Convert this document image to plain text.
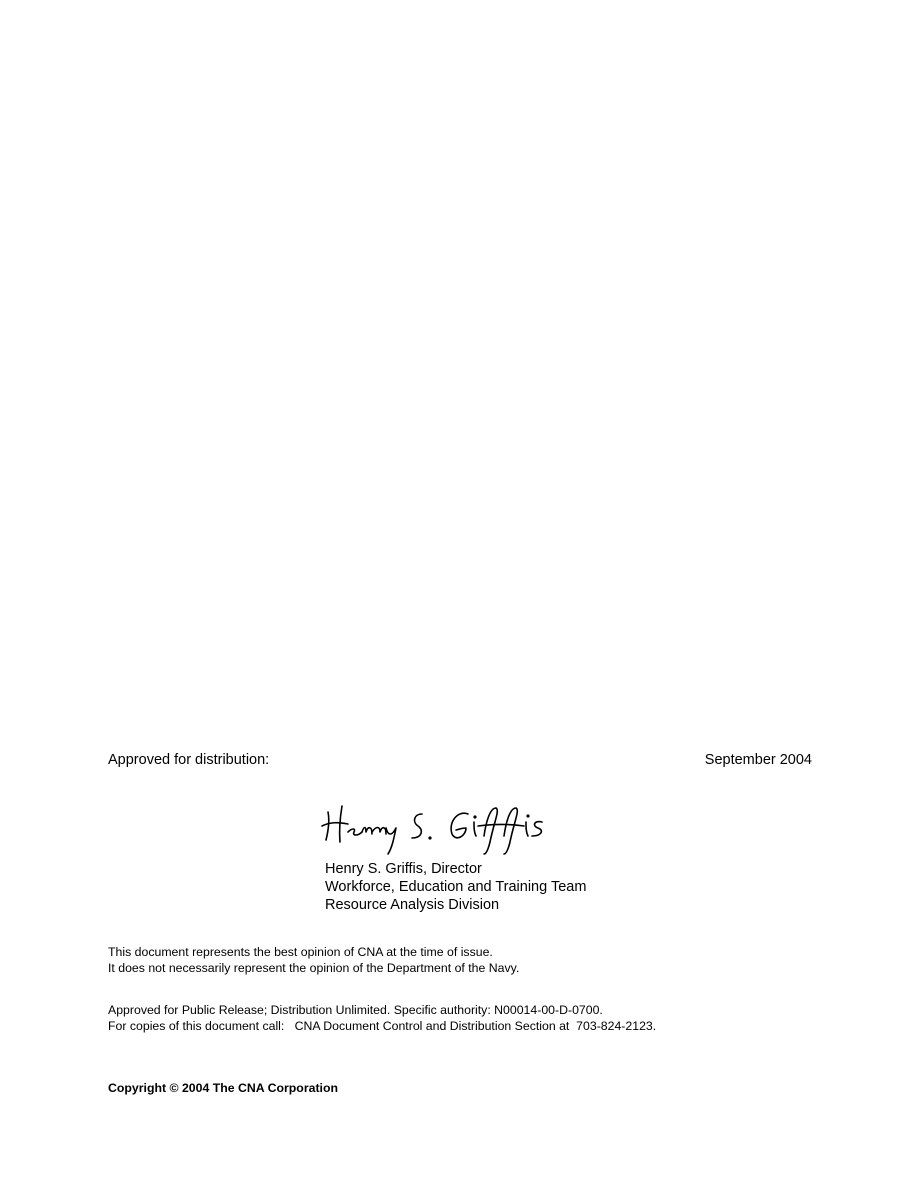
Approved for distribution:	September 2004
Henry S. Griffis, Director
Workforce, Education and Training Team
Resource Analysis Division
This document represents the best opinion of CNA at the time of issue.
It does not necessarily represent the opinion of the Department of the Navy.
Approved for Public Release; Distribution Unlimited. Specific authority: N00014-00-D-0700.
For copies of this document call:   CNA Document Control and Distribution Section at  703-824-2123.
Copyright © 2004 The CNA Corporation
